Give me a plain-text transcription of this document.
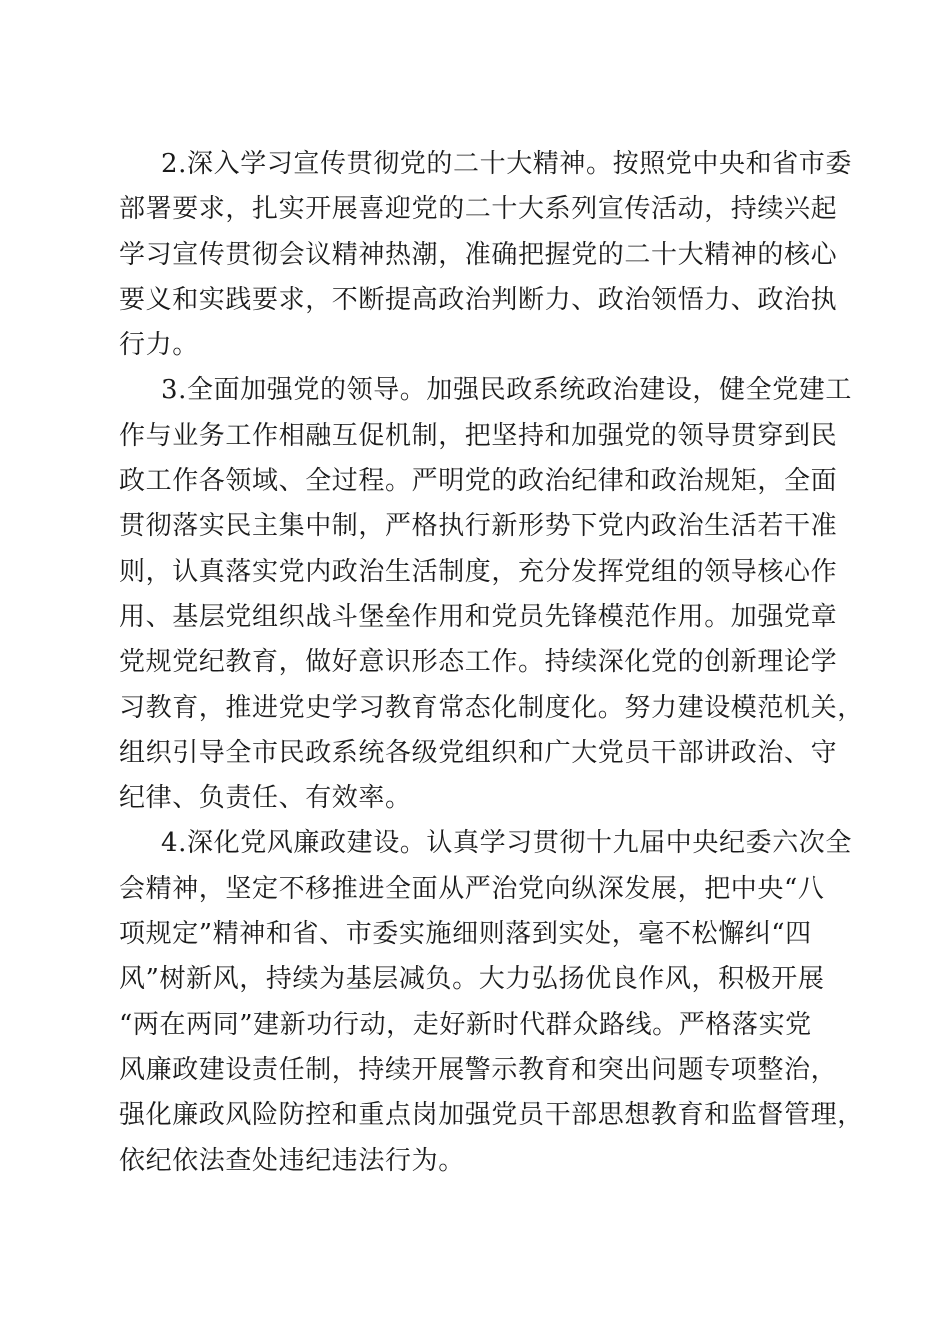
2.深入学习宣传贯彻党的二十大精神。按照党中央和省市委
部署要求，扎实开展喜迎党的二十大系列宣传活动，持续兴起
学习宣传贯彻会议精神热潮，准确把握党的二十大精神的核心
要义和实践要求，不断提高政治判断力、政治领悟力、政治执
行力。
3.全面加强党的领导。加强民政系统政治建设，健全党建工
作与业务工作相融互促机制，把坚持和加强党的领导贯穿到民
政工作各领域、全过程。严明党的政治纪律和政治规矩，全面
贯彻落实民主集中制，严格执行新形势下党内政治生活若干准
则，认真落实党内政治生活制度，充分发挥党组的领导核心作
用、基层党组织战斗堡垒作用和党员先锋模范作用。加强党章
党规党纪教育，做好意识形态工作。持续深化党的创新理论学
习教育，推进党史学习教育常态化制度化。努力建设模范机关，
组织引导全市民政系统各级党组织和广大党员干部讲政治、守
纪律、负责任、有效率。
4.深化党风廉政建设。认真学习贯彻十九届中央纪委六次全
会精神，坚定不移推进全面从严治党向纵深发展，把中央“八
项规定”精神和省、市委实施细则落到实处，毫不松懈纠“四
风”树新风，持续为基层减负。大力弘扬优良作风，积极开展
“两在两同”建新功行动，走好新时代群众路线。严格落实党
风廉政建设责任制，持续开展警示教育和突出问题专项整治，
强化廉政风险防控和重点岗加强党员干部思想教育和监督管理，
依纪依法查处违纪违法行为。
